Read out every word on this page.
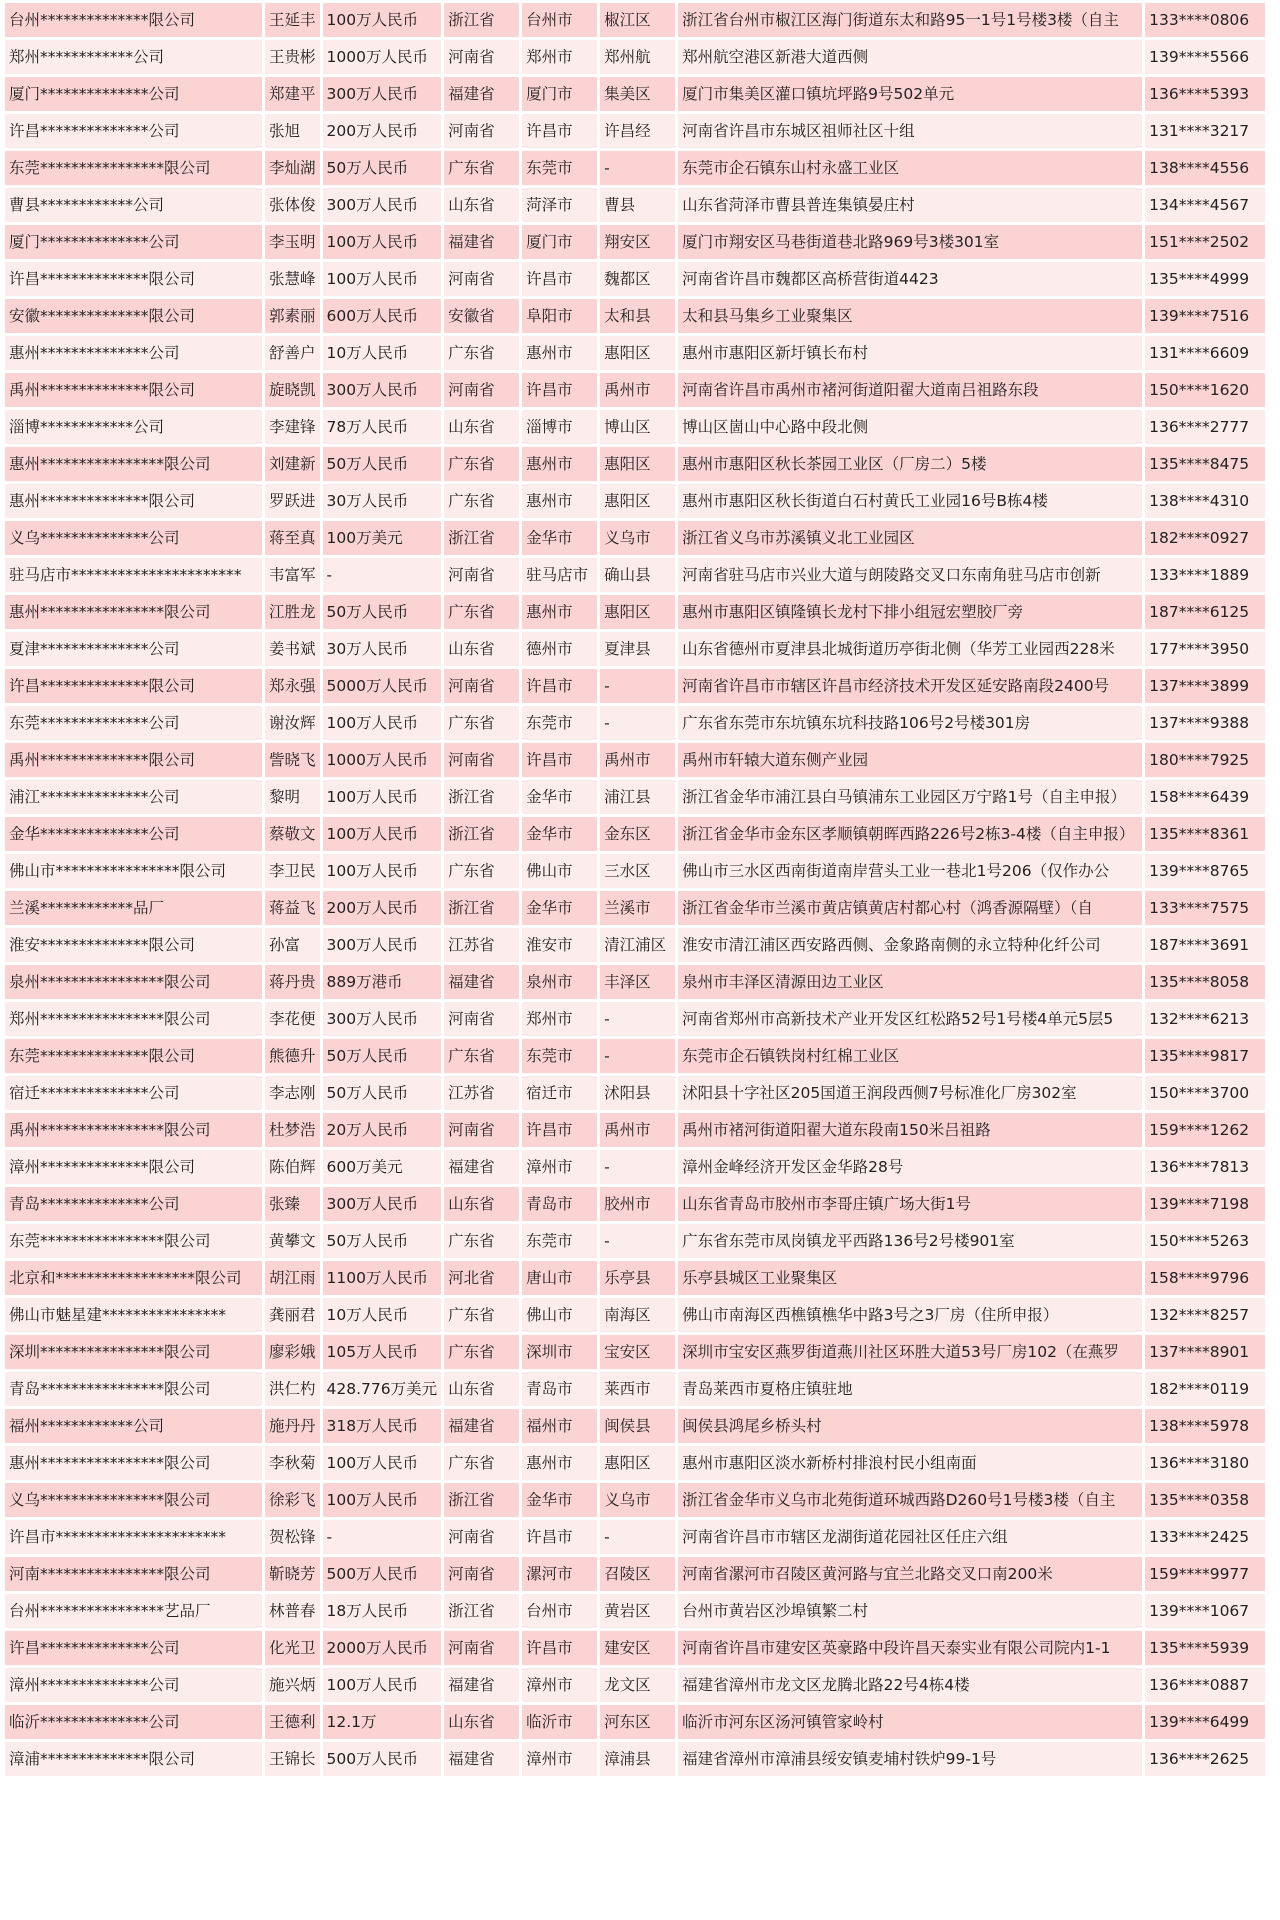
台州**************限公司	王延丰	100万人民币	浙江省	台州市	椒江区	浙江省台州市椒江区海门街道东太和路95一1号1号楼3楼（自主	133****0806
郑州************公司	王贵彬	1000万人民币	河南省	郑州市	郑州航	郑州航空港区新港大道西侧	139****5566
厦门**************公司	郑建平	300万人民币	福建省	厦门市	集美区	厦门市集美区灌口镇坑坪路9号502单元	136****5393
许昌**************公司	张旭	200万人民币	河南省	许昌市	许昌经	河南省许昌市东城区祖师社区十组	131****3217
东莞****************限公司	李灿湖	50万人民币	广东省	东莞市	-	东莞市企石镇东山村永盛工业区	138****4556
曹县************公司	张体俊	300万人民币	山东省	菏泽市	曹县	山东省菏泽市曹县普连集镇晏庄村	134****4567
厦门**************公司	李玉明	100万人民币	福建省	厦门市	翔安区	厦门市翔安区马巷街道巷北路969号3楼301室	151****2502
许昌**************限公司	张慧峰	100万人民币	河南省	许昌市	魏都区	河南省许昌市魏都区高桥营街道4423	135****4999
安徽**************限公司	郭素丽	600万人民币	安徽省	阜阳市	太和县	太和县马集乡工业聚集区	139****7516
惠州**************公司	舒善户	10万人民币	广东省	惠州市	惠阳区	惠州市惠阳区新圩镇长布村	131****6609
禹州**************限公司	旋晓凯	300万人民币	河南省	许昌市	禹州市	河南省许昌市禹州市褚河街道阳翟大道南吕祖路东段	150****1620
淄博************公司	李建锋	78万人民币	山东省	淄博市	博山区	博山区崮山中心路中段北侧	136****2777
惠州****************限公司	刘建新	50万人民币	广东省	惠州市	惠阳区	惠州市惠阳区秋长茶园工业区（厂房二）5楼	135****8475
惠州**************限公司	罗跃进	30万人民币	广东省	惠州市	惠阳区	惠州市惠阳区秋长街道白石村黄氏工业园16号B栋4楼	138****4310
义乌**************公司	蒋至真	100万美元	浙江省	金华市	义乌市	浙江省义乌市苏溪镇义北工业园区	182****0927
驻马店市**********************	韦富军	-	河南省	驻马店市	确山县	河南省驻马店市兴业大道与朗陵路交叉口东南角驻马店市创新	133****1889
惠州****************限公司	江胜龙	50万人民币	广东省	惠州市	惠阳区	惠州市惠阳区镇隆镇长龙村下排小组冠宏塑胶厂旁	187****6125
夏津**************公司	姜书斌	30万人民币	山东省	德州市	夏津县	山东省德州市夏津县北城街道历亭街北侧（华芳工业园西228米	177****3950
许昌**************限公司	郑永强	5000万人民币	河南省	许昌市	-	河南省许昌市市辖区许昌市经济技术开发区延安路南段2400号	137****3899
东莞**************公司	谢汝辉	100万人民币	广东省	东莞市	-	广东省东莞市东坑镇东坑科技路106号2号楼301房	137****9388
禹州**************限公司	訾晓飞	1000万人民币	河南省	许昌市	禹州市	禹州市轩辕大道东侧产业园	180****7925
浦江**************公司	黎明	100万人民币	浙江省	金华市	浦江县	浙江省金华市浦江县白马镇浦东工业园区万宁路1号（自主申报）	158****6439
金华**************公司	蔡敬文	100万人民币	浙江省	金华市	金东区	浙江省金华市金东区孝顺镇朝晖西路226号2栋3-4楼（自主申报）	135****8361
佛山市****************限公司	李卫民	100万人民币	广东省	佛山市	三水区	佛山市三水区西南街道南岸营头工业一巷北1号206（仅作办公	139****8765
兰溪************品厂	蒋益飞	200万人民币	浙江省	金华市	兰溪市	浙江省金华市兰溪市黄店镇黄店村都心村（鸿香源隔壁）（自	133****7575
淮安**************限公司	孙富	300万人民币	江苏省	淮安市	清江浦区	淮安市清江浦区西安路西侧、金象路南侧的永立特种化纤公司	187****3691
泉州****************限公司	蒋丹贵	889万港币	福建省	泉州市	丰泽区	泉州市丰泽区清源田边工业区	135****8058
郑州****************限公司	李花便	300万人民币	河南省	郑州市	-	河南省郑州市高新技术产业开发区红松路52号1号楼4单元5层5	132****6213
东莞**************限公司	熊德升	50万人民币	广东省	东莞市	-	东莞市企石镇铁岗村红棉工业区	135****9817
宿迁**************公司	李志刚	50万人民币	江苏省	宿迁市	沭阳县	沭阳县十字社区205国道王润段西侧7号标准化厂房302室	150****3700
禹州****************限公司	杜梦浩	20万人民币	河南省	许昌市	禹州市	禹州市褚河街道阳翟大道东段南150米吕祖路	159****1262
漳州**************限公司	陈伯辉	600万美元	福建省	漳州市	-	漳州金峰经济开发区金华路28号	136****7813
青岛**************公司	张臻	300万人民币	山东省	青岛市	胶州市	山东省青岛市胶州市李哥庄镇广场大街1号	139****7198
东莞****************限公司	黄攀文	50万人民币	广东省	东莞市	-	广东省东莞市凤岗镇龙平西路136号2号楼901室	150****5263
北京和******************限公司	胡江雨	1100万人民币	河北省	唐山市	乐亭县	乐亭县城区工业聚集区	158****9796
佛山市魅星建****************	龚丽君	10万人民币	广东省	佛山市	南海区	佛山市南海区西樵镇樵华中路3号之3厂房（住所申报）	132****8257
深圳****************限公司	廖彩娥	105万人民币	广东省	深圳市	宝安区	深圳市宝安区燕罗街道燕川社区环胜大道53号厂房102（在燕罗	137****8901
青岛****************限公司	洪仁杓	428.776万美元	山东省	青岛市	莱西市	青岛莱西市夏格庄镇驻地	182****0119
福州************公司	施丹丹	318万人民币	福建省	福州市	闽侯县	闽侯县鸿尾乡桥头村	138****5978
惠州****************限公司	李秋菊	100万人民币	广东省	惠州市	惠阳区	惠州市惠阳区淡水新桥村排浪村民小组南面	136****3180
义乌****************限公司	徐彩飞	100万人民币	浙江省	金华市	义乌市	浙江省金华市义乌市北苑街道环城西路D260号1号楼3楼（自主	135****0358
许昌市**********************	贺松锋	-	河南省	许昌市	-	河南省许昌市市辖区龙湖街道花园社区任庄六组	133****2425
河南****************限公司	靳晓芳	500万人民币	河南省	漯河市	召陵区	河南省漯河市召陵区黄河路与宜兰北路交叉口南200米	159****9977
台州****************艺品厂	林普春	18万人民币	浙江省	台州市	黄岩区	台州市黄岩区沙埠镇繁二村	139****1067
许昌**************公司	化光卫	2000万人民币	河南省	许昌市	建安区	河南省许昌市建安区英豪路中段许昌天泰实业有限公司院内1-1	135****5939
漳州**************公司	施兴炳	100万人民币	福建省	漳州市	龙文区	福建省漳州市龙文区龙腾北路22号4栋4楼	136****0887
临沂**************公司	王德利	12.1万	山东省	临沂市	河东区	临沂市河东区汤河镇管家岭村	139****6499
漳浦**************限公司	王锦长	500万人民币	福建省	漳州市	漳浦县	福建省漳州市漳浦县绥安镇麦埔村铁炉99-1号	136****2625
